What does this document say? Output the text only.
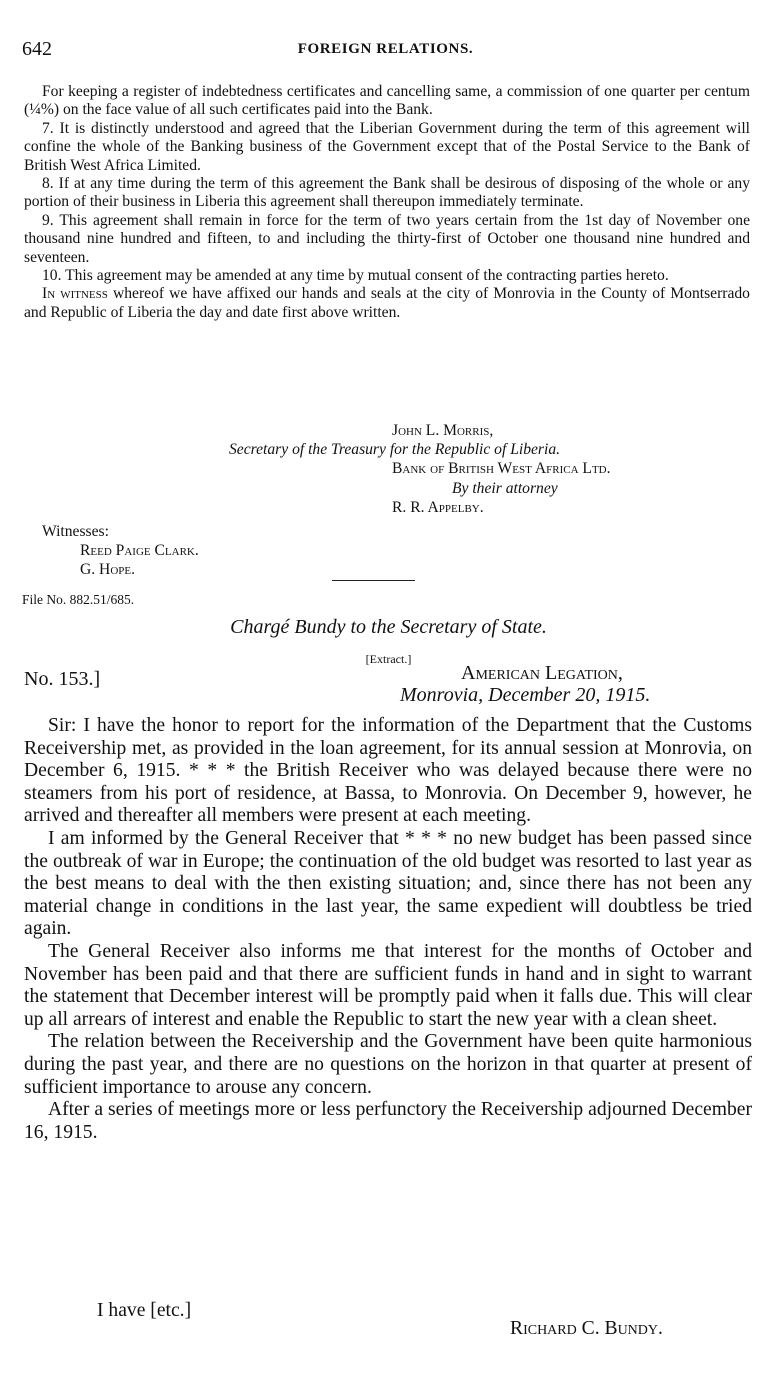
642	FOREIGN RELATIONS.

For keeping a register of indebtedness certificates and cancelling same, a commission of one quarter per centum (¼%) on the face value of all such certificates paid into the Bank.

7. It is distinctly understood and agreed that the Liberian Government during the term of this agreement will confine the whole of the Banking business of the Government except that of the Postal Service to the Bank of British West Africa Limited.

8. If at any time during the term of this agreement the Bank shall be desirous of disposing of the whole or any portion of their business in Liberia this agreement shall thereupon immediately terminate.

9. This agreement shall remain in force for the term of two years certain from the 1st day of November one thousand nine hundred and fifteen, to and including the thirty-first of October one thousand nine hundred and seventeen.

10. This agreement may be amended at any time by mutual consent of the contracting parties hereto.

In witness whereof we have affixed our hands and seals at the city of Monrovia in the County of Montserrado and Republic of Liberia the day and date first above written.

John L. Morris,
Secretary of the Treasury for the Republic of Liberia.
Bank of British West Africa Ltd.
By their attorney
R. R. Appelby.
Witnesses:
Reed Paige Clark.
G. Hope.
File No. 882.51/685.
Chargé Bundy to the Secretary of State.
[Extract.]
No. 153.]	American Legation,
Monrovia, December 20, 1915.

Sir: I have the honor to report for the information of the Department that the Customs Receivership met, as provided in the loan agreement, for its annual session at Monrovia, on December 6, 1915. * * * the British Receiver who was delayed because there were no steamers from his port of residence, at Bassa, to Monrovia. On December 9, however, he arrived and thereafter all members were present at each meeting.

I am informed by the General Receiver that * * * no new budget has been passed since the outbreak of war in Europe; the continuation of the old budget was resorted to last year as the best means to deal with the then existing situation; and, since there has not been any material change in conditions in the last year, the same expedient will doubtless be tried again.

The General Receiver also informs me that interest for the months of October and November has been paid and that there are sufficient funds in hand and in sight to warrant the statement that December interest will be promptly paid when it falls due. This will clear up all arrears of interest and enable the Republic to start the new year with a clean sheet.

The relation between the Receivership and the Government have been quite harmonious during the past year, and there are no questions on the horizon in that quarter at present of sufficient importance to arouse any concern.

After a series of meetings more or less perfunctory the Receivership adjourned December 16, 1915.

I have [etc.]
Richard C. Bundy.
